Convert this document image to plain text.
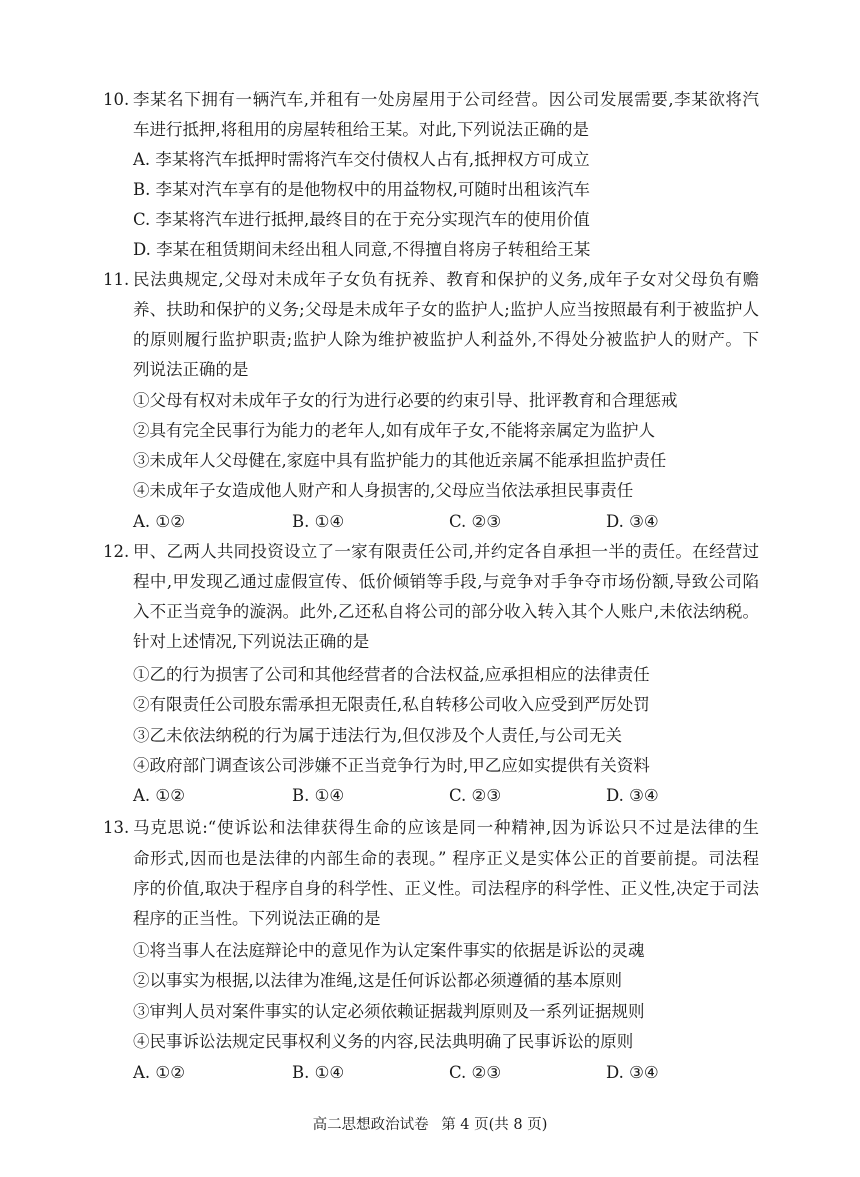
10. 李某名下拥有一辆汽车,并租有一处房屋用于公司经营。因公司发展需要,李某欲将汽
车进行抵押,将租用的房屋转租给王某。对此,下列说法正确的是
A. 李某将汽车抵押时需将汽车交付债权人占有,抵押权方可成立
B. 李某对汽车享有的是他物权中的用益物权,可随时出租该汽车
C. 李某将汽车进行抵押,最终目的在于充分实现汽车的使用价值
D. 李某在租赁期间未经出租人同意,不得擅自将房子转租给王某
11. 民法典规定,父母对未成年子女负有抚养、教育和保护的义务,成年子女对父母负有赡
养、扶助和保护的义务;父母是未成年子女的监护人;监护人应当按照最有利于被监护人
的原则履行监护职责;监护人除为维护被监护人利益外,不得处分被监护人的财产。下
列说法正确的是
①父母有权对未成年子女的行为进行必要的约束引导、批评教育和合理惩戒
②具有完全民事行为能力的老年人,如有成年子女,不能将亲属定为监护人
③未成年人父母健在,家庭中具有监护能力的其他近亲属不能承担监护责任
④未成年子女造成他人财产和人身损害的,父母应当依法承担民事责任
A. ①②	B. ①④	C. ②③	D. ③④
12. 甲、乙两人共同投资设立了一家有限责任公司,并约定各自承担一半的责任。在经营过
程中,甲发现乙通过虚假宣传、低价倾销等手段,与竞争对手争夺市场份额,导致公司陷
入不正当竞争的漩涡。此外,乙还私自将公司的部分收入转入其个人账户,未依法纳税。
针对上述情况,下列说法正确的是
①乙的行为损害了公司和其他经营者的合法权益,应承担相应的法律责任
②有限责任公司股东需承担无限责任,私自转移公司收入应受到严厉处罚
③乙未依法纳税的行为属于违法行为,但仅涉及个人责任,与公司无关
④政府部门调查该公司涉嫌不正当竞争行为时,甲乙应如实提供有关资料
A. ①②	B. ①④	C. ②③	D. ③④
13. 马克思说:“使诉讼和法律获得生命的应该是同一种精神,因为诉讼只不过是法律的生
命形式,因而也是法律的内部生命的表现。” 程序正义是实体公正的首要前提。司法程
序的价值,取决于程序自身的科学性、正义性。司法程序的科学性、正义性,决定于司法
程序的正当性。下列说法正确的是
①将当事人在法庭辩论中的意见作为认定案件事实的依据是诉讼的灵魂
②以事实为根据,以法律为准绳,这是任何诉讼都必须遵循的基本原则
③审判人员对案件事实的认定必须依赖证据裁判原则及一系列证据规则
④民事诉讼法规定民事权利义务的内容,民法典明确了民事诉讼的原则
A. ①②	B. ①④	C. ②③	D. ③④
高二思想政治试卷 第 4 页(共 8 页)
